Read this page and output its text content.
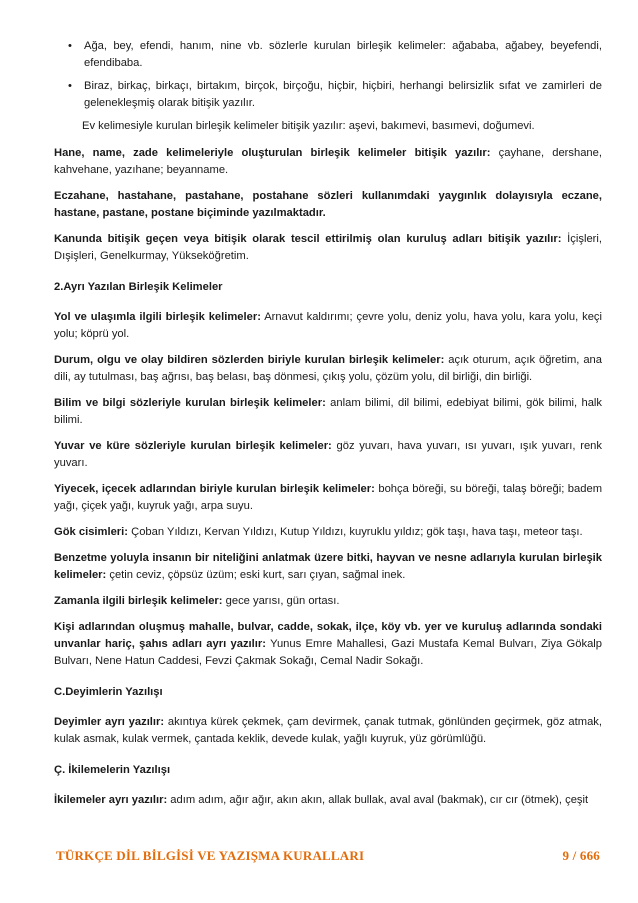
• Ağa, bey, efendi, hanım, nine vb. sözlerle kurulan birleşik kelimeler: ağababa, ağabey, beyefendi, efendibaba.
• Biraz, birkaç, birkaçı, birtakım, birçok, birçoğu, hiçbir, hiçbiri, herhangi belirsizlik sıfat ve zamirleri de gelenekleşmiş olarak bitişik yazılır.
Ev kelimesiyle kurulan birleşik kelimeler bitişik yazılır: aşevi, bakımevi, basımevi, doğumevi.

Hane, name, zade kelimeleriyle oluşturulan birleşik kelimeler bitişik yazılır: çayhane, dershane, kahvehane, yazıhane; beyanname.

Eczahane, hastahane, pastahane, postahane sözleri kullanımdaki yaygınlık dolayısıyla eczane, hastane, pastane, postane biçiminde yazılmaktadır.

Kanunda bitişik geçen veya bitişik olarak tescil ettirilmiş olan kuruluş adları bitişik yazılır: İçişleri, Dışişleri, Genelkurmay, Yükseköğretim.

2.Ayrı Yazılan Birleşik Kelimeler

Yol ve ulaşımla ilgili birleşik kelimeler: Arnavut kaldırımı; çevre yolu, deniz yolu, hava yolu, kara yolu, keçi yolu; köprü yol.

Durum, olgu ve olay bildiren sözlerden biriyle kurulan birleşik kelimeler: açık oturum, açık öğretim, ana dili, ay tutulması, baş ağrısı, baş belası, baş dönmesi, çıkış yolu, çözüm yolu, dil birliği, din birliği.

Bilim ve bilgi sözleriyle kurulan birleşik kelimeler: anlam bilimi, dil bilimi, edebiyat bilimi, gök bilimi, halk bilimi.

Yuvar ve küre sözleriyle kurulan birleşik kelimeler: göz yuvarı, hava yuvarı, ısı yuvarı, ışık yuvarı, renk yuvarı.

Yiyecek, içecek adlarından biriyle kurulan birleşik kelimeler: bohça böreği, su böreği, talaş böreği; badem yağı, çiçek yağı, kuyruk yağı, arpa suyu.

Gök cisimleri: Çoban Yıldızı, Kervan Yıldızı, Kutup Yıldızı, kuyruklu yıldız; gök taşı, hava taşı, meteor taşı.

Benzetme yoluyla insanın bir niteliğini anlatmak üzere bitki, hayvan ve nesne adlarıyla kurulan birleşik kelimeler: çetin ceviz, çöpsüz üzüm; eski kurt, sarı çıyan, sağmal inek.

Zamanla ilgili birleşik kelimeler: gece yarısı, gün ortası.

Kişi adlarından oluşmuş mahalle, bulvar, cadde, sokak, ilçe, köy vb. yer ve kuruluş adlarında sondaki unvanlar hariç, şahıs adları ayrı yazılır: Yunus Emre Mahallesi, Gazi Mustafa Kemal Bulvarı, Ziya Gökalp Bulvarı, Nene Hatun Caddesi, Fevzi Çakmak Sokağı, Cemal Nadir Sokağı.

C.Deyimlerin Yazılışı

Deyimler ayrı yazılır: akıntıya kürek çekmek, çam devirmek, çanak tutmak, gönlünden geçirmek, göz atmak, kulak asmak, kulak vermek, çantada keklik, devede kulak, yağlı kuyruk, yüz görümlüğü.

Ç. İkilemelerin Yazılışı

İkilemeler ayrı yazılır: adım adım, ağır ağır, akın akın, allak bullak, aval aval (bakmak), cır cır (ötmek), çeşit

TÜRKÇE DİL BİLGİSİ VE YAZIŞMA KURALLARI	9 / 666
